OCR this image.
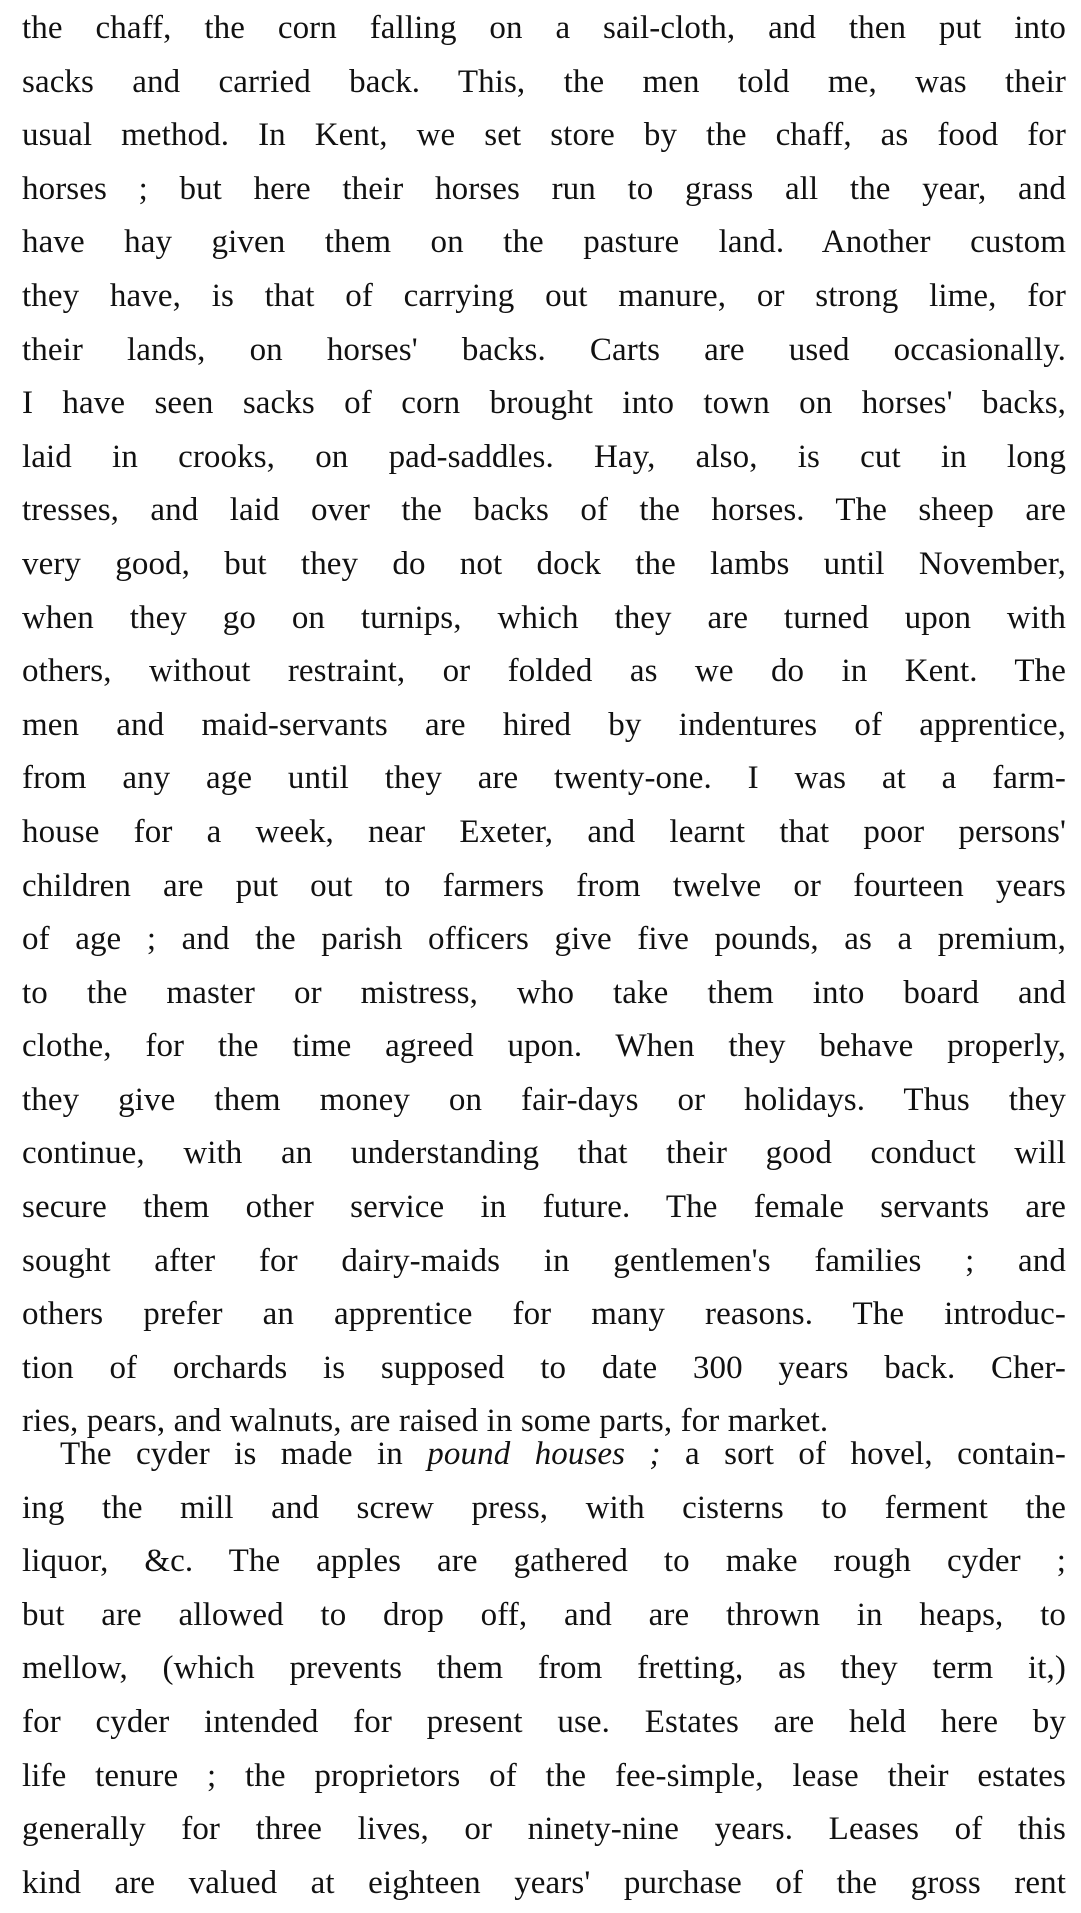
the chaff, the corn falling on a sail-cloth, and then put into
sacks and carried back. This, the men told me, was their
usual method. In Kent, we set store by the chaff, as food for
horses ; but here their horses run to grass all the year, and
have hay given them on the pasture land. Another custom
they have, is that of carrying out manure, or strong lime, for
their lands, on horses' backs. Carts are used occasionally.
I have seen sacks of corn brought into town on horses' backs,
laid in crooks, on pad-saddles. Hay, also, is cut in long
tresses, and laid over the backs of the horses. The sheep are
very good, but they do not dock the lambs until November,
when they go on turnips, which they are turned upon with
others, without restraint, or folded as we do in Kent. The
men and maid-servants are hired by indentures of apprentice,
from any age until they are twenty-one. I was at a farm-
house for a week, near Exeter, and learnt that poor persons'
children are put out to farmers from twelve or fourteen years
of age ; and the parish officers give five pounds, as a premium,
to the master or mistress, who take them into board and
clothe, for the time agreed upon. When they behave properly,
they give them money on fair-days or holidays. Thus they
continue, with an understanding that their good conduct will
secure them other service in future. The female servants are
sought after for dairy-maids in gentlemen's families ; and
others prefer an apprentice for many reasons. The introduc-
tion of orchards is supposed to date 300 years back. Cher-
ries, pears, and walnuts, are raised in some parts, for market.
The cyder is made in pound houses ; a sort of hovel, contain-
ing the mill and screw press, with cisterns to ferment the
liquor, &c. The apples are gathered to make rough cyder ;
but are allowed to drop off, and are thrown in heaps, to
mellow, (which prevents them from fretting, as they term it,)
for cyder intended for present use. Estates are held here by
life tenure ; the proprietors of the fee-simple, lease their estates
generally for three lives, or ninety-nine years. Leases of this
kind are valued at eighteen years' purchase of the gross rent
